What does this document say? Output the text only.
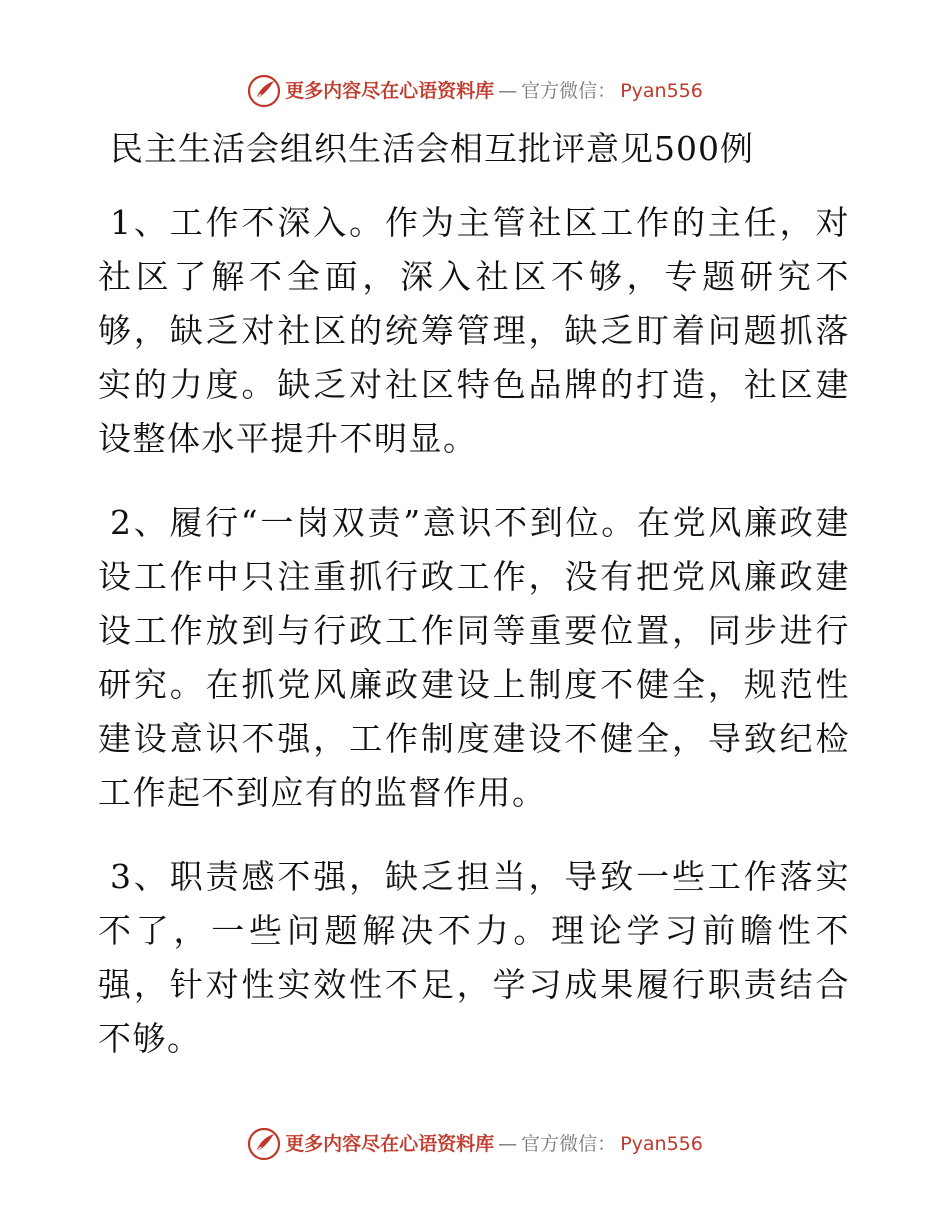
更多内容尽在心语资料库 — 官方微信： Pyan556
民主生活会组织生活会相互批评意见500例

1、工作不深入。作为主管社区工作的主任，对社区了解不全面，深入社区不够，专题研究不够，缺乏对社区的统筹管理，缺乏盯着问题抓落实的力度。缺乏对社区特色品牌的打造，社区建设整体水平提升不明显。

2、履行“一岗双责”意识不到位。在党风廉政建设工作中只注重抓行政工作，没有把党风廉政建设工作放到与行政工作同等重要位置，同步进行研究。在抓党风廉政建设上制度不健全，规范性建设意识不强，工作制度建设不健全，导致纪检工作起不到应有的监督作用。

3、职责感不强，缺乏担当，导致一些工作落实不了，一些问题解决不力。理论学习前瞻性不强，针对性实效性不足，学习成果履行职责结合不够。

更多内容尽在心语资料库 — 官方微信： Pyan556
